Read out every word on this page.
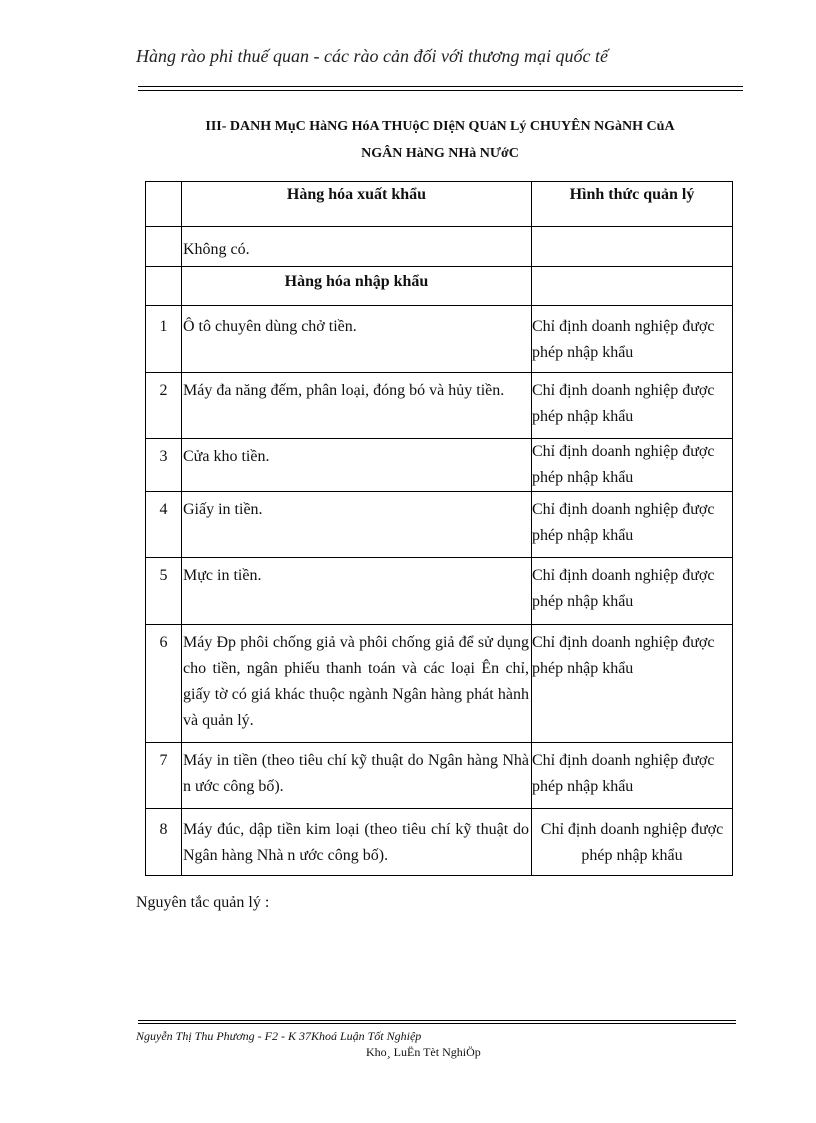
Hàng rào phi thuế quan - các rào cản đối với thương mại quốc tế
III- DANH MụC HàNG HóA THUộC DIệN QUảN Lý CHUYÊN NGàNH CủA
NGÂN HàNG NHà NƯớC
	Hàng hóa xuất khẩu	Hình thức quản lý
	Không có.	
	Hàng hóa nhập khẩu	
1	Ô tô chuyên dùng chở tiền.	Chỉ định doanh nghiệp được phép nhập khẩu
2	Máy đa năng đếm, phân loại, đóng bó và hủy tiền.	Chỉ định doanh nghiệp được phép nhập khẩu
3	Cửa kho tiền.	Chỉ định doanh nghiệp được phép nhập khẩu
4	Giấy in tiền.	Chỉ định doanh nghiệp được phép nhập khẩu
5	Mực in tiền.	Chỉ định doanh nghiệp được phép nhập khẩu
6	Máy Ðp phôi chống giả và phôi chống giả để sử dụng cho tiền, ngân phiếu thanh toán và các loại Ên chỉ, giấy tờ có giá khác thuộc ngành Ngân hàng phát hành và quản lý.	Chỉ định doanh nghiệp được phép nhập khẩu
7	Máy in tiền (theo tiêu chí kỹ thuật do Ngân hàng Nhà n ước công bố).	Chỉ định doanh nghiệp được phép nhập khẩu
8	Máy đúc, dập tiền kim loại (theo tiêu chí kỹ thuật do Ngân hàng Nhà n ước công bố).	Chỉ định doanh nghiệp được phép nhập khẩu
Nguyên tắc quản lý :
Nguyễn Thị Thu Phương - F2 - K 37Khoá Luận Tốt Nghiệp
Kho¸ LuËn Tèt NghiÖp
